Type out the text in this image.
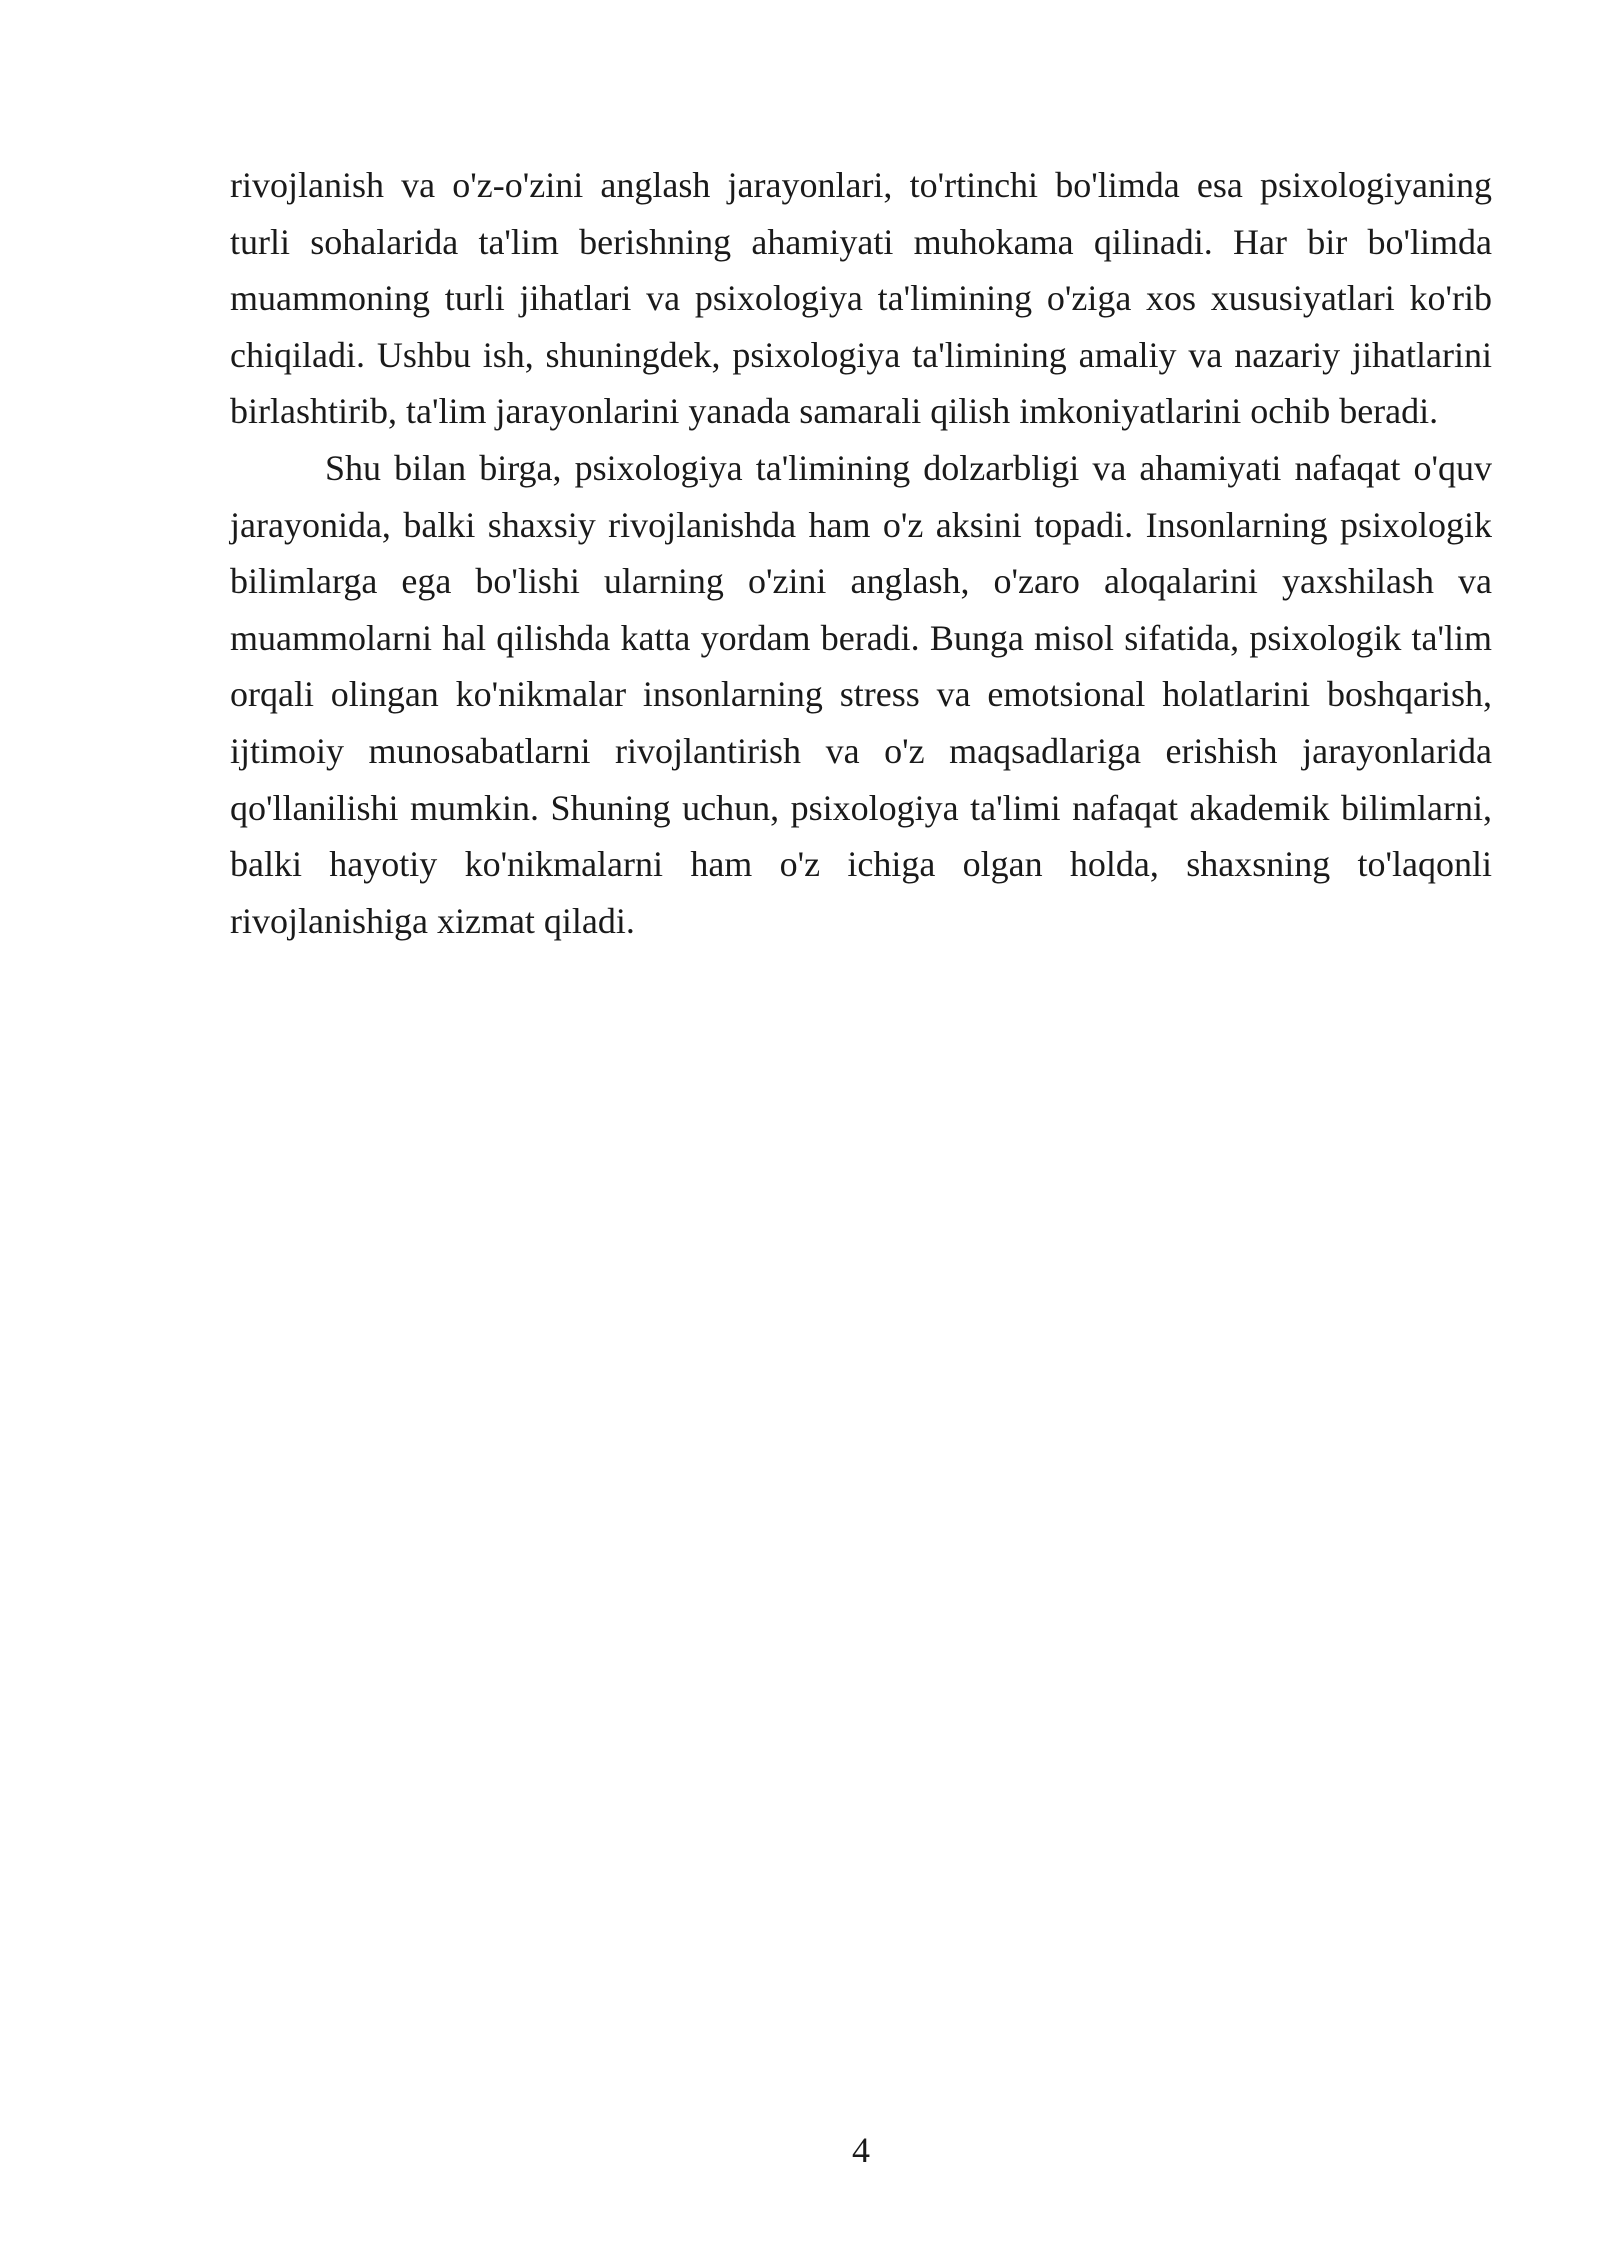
rivojlanish va o'z-o'zini anglash jarayonlari, to'rtinchi bo'limda esa psixologiyaning turli sohalarida ta'lim berishning ahamiyati muhokama qilinadi. Har bir bo'limda muammoning turli jihatlari va psixologiya ta'limining o'ziga xos xususiyatlari ko'rib chiqiladi. Ushbu ish, shuningdek, psixologiya ta'limining amaliy va nazariy jihatlarini birlashtirib, ta'lim jarayonlarini yanada samarali qilish imkoniyatlarini ochib beradi.

Shu bilan birga, psixologiya ta'limining dolzarbligi va ahamiyati nafaqat o'quv jarayonida, balki shaxsiy rivojlanishda ham o'z aksini topadi. Insonlarning psixologik bilimlarga ega bo'lishi ularning o'zini anglash, o'zaro aloqalarini yaxshilash va muammolarni hal qilishda katta yordam beradi. Bunga misol sifatida, psixologik ta'lim orqali olingan ko'nikmalar insonlarning stress va emotsional holatlarini boshqarish, ijtimoiy munosabatlarni rivojlantirish va o'z maqsadlariga erishish jarayonlarida qo'llanilishi mumkin. Shuning uchun, psixologiya ta'limi nafaqat akademik bilimlarni, balki hayotiy ko'nikmalarni ham o'z ichiga olgan holda, shaxsning to'laqonli rivojlanishiga xizmat qiladi.

4
